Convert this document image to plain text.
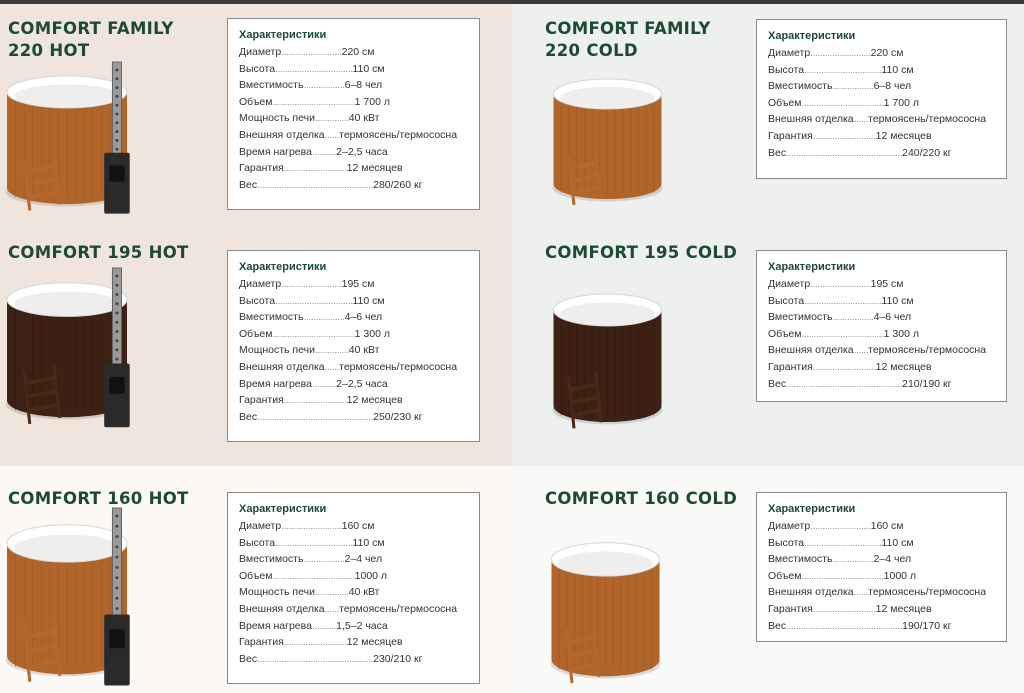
COMFORT FAMILY
220 HOT
Характеристики
Диаметр ......................... 220 см
Высота ................................ 110 см
Вместимость ................. 6–8 чел
Объем .................................. 1 700 л
Мощность печи .............. 40 кВт
Внешняя отделка ...... термоясень/термососна
Время нагрева .......... 2–2,5 часа
Гарантия .......................... 12 месяцев
Вес ................................................ 280/260 кг
COMFORT FAMILY
220 COLD
Характеристики
Диаметр ......................... 220 см
Высота ................................ 110 см
Вместимость ................. 6–8 чел
Объем .................................. 1 700 л
Внешняя отделка ...... термоясень/термососна
Гарантия .......................... 12 месяцев
Вес ................................................ 240/220 кг
COMFORT 195 HOT
Характеристики
Диаметр ......................... 195 см
Высота ................................ 110 см
Вместимость ................. 4–6 чел
Объем .................................. 1 300 л
Мощность печи .............. 40 кВт
Внешняя отделка ...... термоясень/термососна
Время нагрева .......... 2–2,5 часа
Гарантия .......................... 12 месяцев
Вес ................................................ 250/230 кг
COMFORT 195 COLD
Характеристики
Диаметр ......................... 195 см
Высота ................................ 110 см
Вместимость ................. 4–6 чел
Объем .................................. 1 300 л
Внешняя отделка ...... термоясень/термососна
Гарантия .......................... 12 месяцев
Вес ................................................ 210/190 кг
COMFORT 160 HOT
Характеристики
Диаметр ......................... 160 см
Высота ................................ 110 см
Вместимость ................. 2–4 чел
Объем .................................. 1000 л
Мощность печи .............. 40 кВт
Внешняя отделка ...... термоясень/термососна
Время нагрева .......... 1,5–2 часа
Гарантия .......................... 12 месяцев
Вес ................................................ 230/210 кг
COMFORT 160 COLD
Характеристики
Диаметр ......................... 160 см
Высота ................................ 110 см
Вместимость ................. 2–4 чел
Объем .................................. 1000 л
Внешняя отделка ...... термоясень/термососна
Гарантия .......................... 12 месяцев
Вес ................................................ 190/170 кг
